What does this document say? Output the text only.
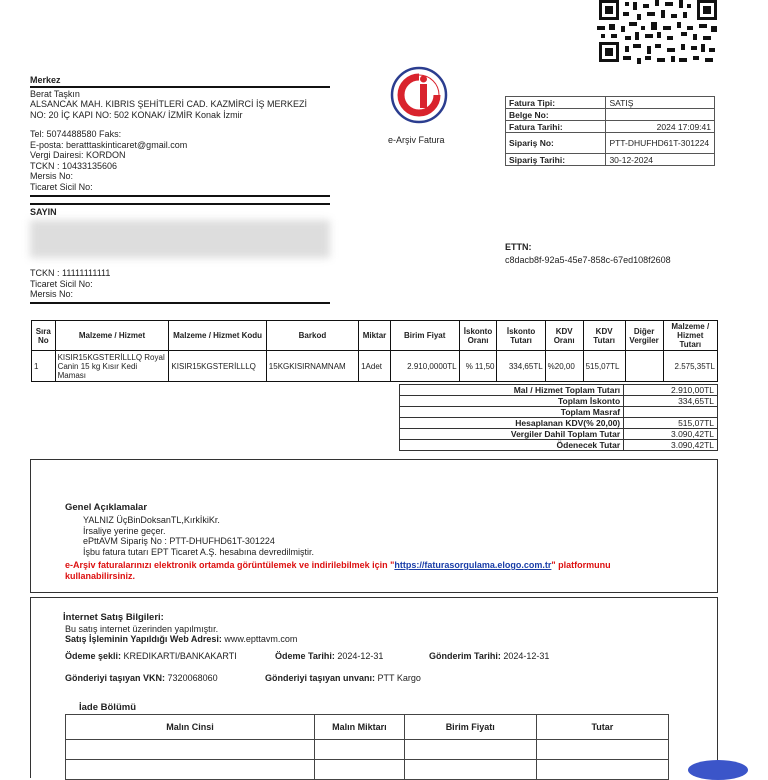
Merkez
Berat Taşkın
ALSANCAK MAH. KIBRIS ŞEHİTLERİ CAD. KAZMİRCİ İŞ MERKEZİ
NO: 20 İÇ KAPI NO: 502 KONAK/ İZMİR Konak İzmir
Tel: 5074488580 Faks:
E-posta: beratttaskintic​aret@gmail.com
Vergi Dairesi: KORDON
TCKN : 10433135606
Mersis No:
Ticaret Sicil No:
SAYIN
TCKN : 11111111111
Ticaret Sicil No:
Mersis No:
e-Arşiv Fatura
Fatura Tipi:	SATIŞ
Belge No:	
Fatura Tarihi:	2024 17:09:41
Sipariş No:	PTT-DHUFHD61T-301224
Sipariş Tarihi:	30-12-2024
ETTN:
c8dacb8f-92a5-45e7-858c-67ed108f2608
Sıra No	Malzeme / Hizmet	Malzeme / Hizmet Kodu	Barkod	Miktar	Birim Fiyat	İskonto Oranı	İskonto Tutarı	KDV Oranı	KDV Tutarı	Diğer Vergiler	Malzeme / Hizmet Tutarı
1	KISIR15KGSTERİLLLQ Royal Canin 15 kg Kısır Kedi Maması	KISIR15KGSTERİLLLQ	15KGKISIRNAMNAM	1Adet	2.910,0000TL	% 11,50	334,65TL	%20,00	515,07TL		2.575,35TL
Mal / Hizmet Toplam Tutarı	2.910,00TL
Toplam İskonto	334,65TL
Toplam Masraf	
Hesaplanan KDV(% 20,00)	515,07TL
Vergiler Dahil Toplam Tutar	3.090,42TL
Ödenecek Tutar	3.090,42TL
Genel Açıklamalar
YALNIZ ÜçBinDoksanTL,KırkİkiKr.
İrsaliye yerine geçer.
ePttAVM Sipariş No : PTT-DHUFHD61T-301224
İşbu fatura tutarı EPT Ticaret A.Ş. hesabına devredilmiştir.
e-Arşiv faturalarınızı elektronik ortamda görüntülemek ve indirilebilmek için "https://faturasorgulama.elogo.com.tr" platformunu
kullanabilirsiniz.
İnternet Satış Bilgileri:
Bu satış internet üzerinden yapılmıştır.
Satış İşleminin Yapıldığı Web Adresi: www.epttavm.com
Ödeme şekli: KREDIKARTI/BANKAKARTI	Ödeme Tarihi: 2024-12-31	Gönderim Tarihi: 2024-12-31
Gönderiyi taşıyan VKN: 7320068060	Gönderiyi taşıyan unvanı: PTT Kargo
İade Bölümü
Malın Cinsi	Malın Miktarı	Birim Fiyatı	Tutar
